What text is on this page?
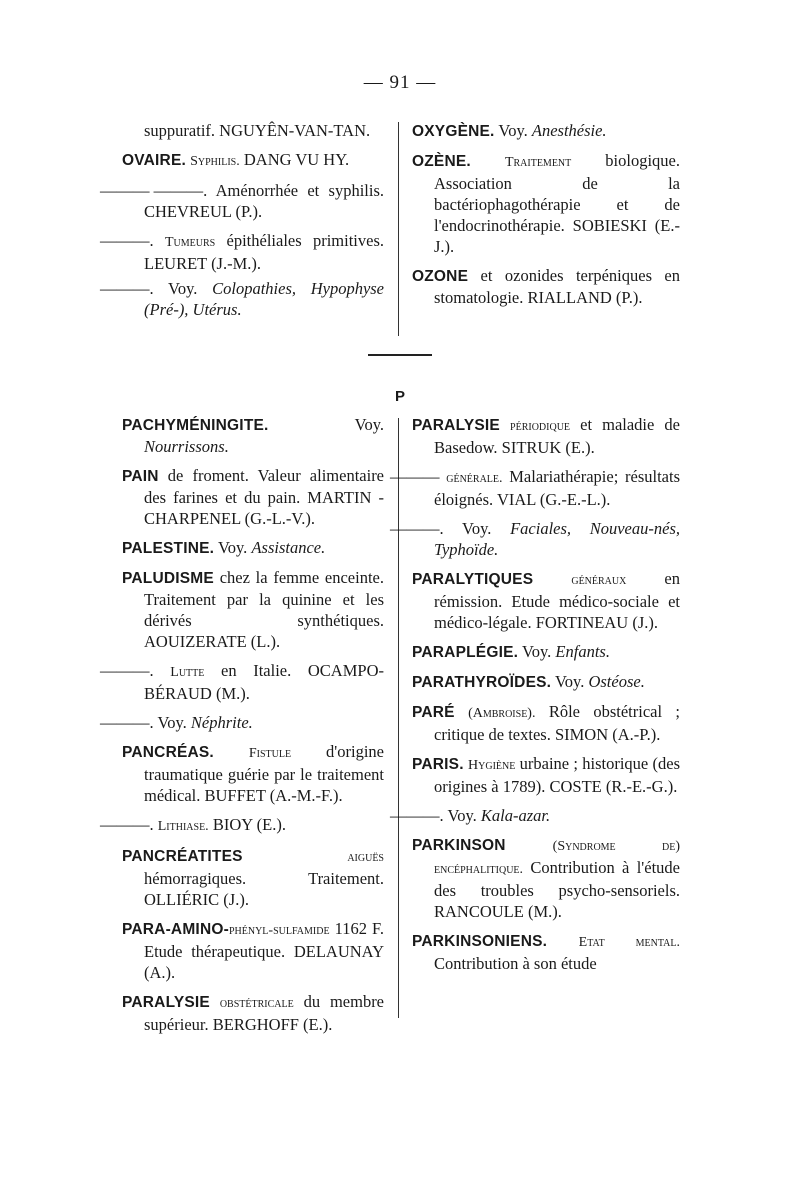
— 91 —

suppuratif. NGUYÊN-VAN-TAN.

OVAIRE. Syphilis. DANG VU HY.

——— ———. Aménorrhée et syphilis. CHEVREUL (P.).

———. Tumeurs épithéliales primitives. LEURET (J.-M.).

———. Voy. Colopathies, Hypophyse (Pré-), Utérus.

OXYGÈNE. Voy. Anesthésie.

OZÈNE. Traitement biologique. Association de la bactériophagothérapie et de l'endocrinothérapie. SOBIESKI (E.-J.).

OZONE et ozonides terpéniques en stomatologie. RIALLAND (P.).

P

PACHYMÉNINGITE.	Voy. Nourrissons.

PAIN de froment. Valeur alimentaire des farines et du pain. MARTIN - CHARPENEL (G.-L.-V.).

PALESTINE. Voy. Assistance.

PALUDISME chez la femme enceinte. Traitement par la quinine et les dérivés synthétiques. AOUIZERATE (L.).

———. Lutte en Italie. OCAMPO-BÉRAUD (M.).

———. Voy. Néphrite.

PANCRÉAS. Fistule d'origine traumatique guérie par le traitement médical. BUFFET (A.-M.-F.).

———. Lithiase. BIOY (E.).

PANCRÉATITES	aiguës hémorragiques. Traitement. OLLIÉRIC (J.).

PARA-AMINO-phényl-sulfamide 1162 F. Etude thérapeutique. DELAUNAY (A.).

PARALYSIE obstétricale du membre supérieur. BERGHOFF (E.).

PARALYSIE périodique et maladie de Basedow. SITRUK (E.).

——— générale. Malariathérapie; résultats éloignés. VIAL (G.-E.-L.).

———. Voy. Faciales, Nouveau-nés, Typhoïde.

PARALYTIQUES	généraux en rémission. Etude médico-sociale et médico-légale. FORTINEAU (J.).

PARAPLÉGIE. Voy. Enfants.

PARATHYROÏDES. Voy. Ostéose.

PARÉ (Ambroise). Rôle obstétrical ; critique de textes. SIMON (A.-P.).

PARIS. Hygiène urbaine ; historique (des origines à 1789). COSTE (R.-E.-G.).

———. Voy. Kala-azar.

PARKINSON	(Syndrome de) encéphalitique. Contribution à l'étude des troubles psycho-sensoriels. RANCOULE (M.).

PARKINSONIENS. Etat mental. Contribution à son étude
